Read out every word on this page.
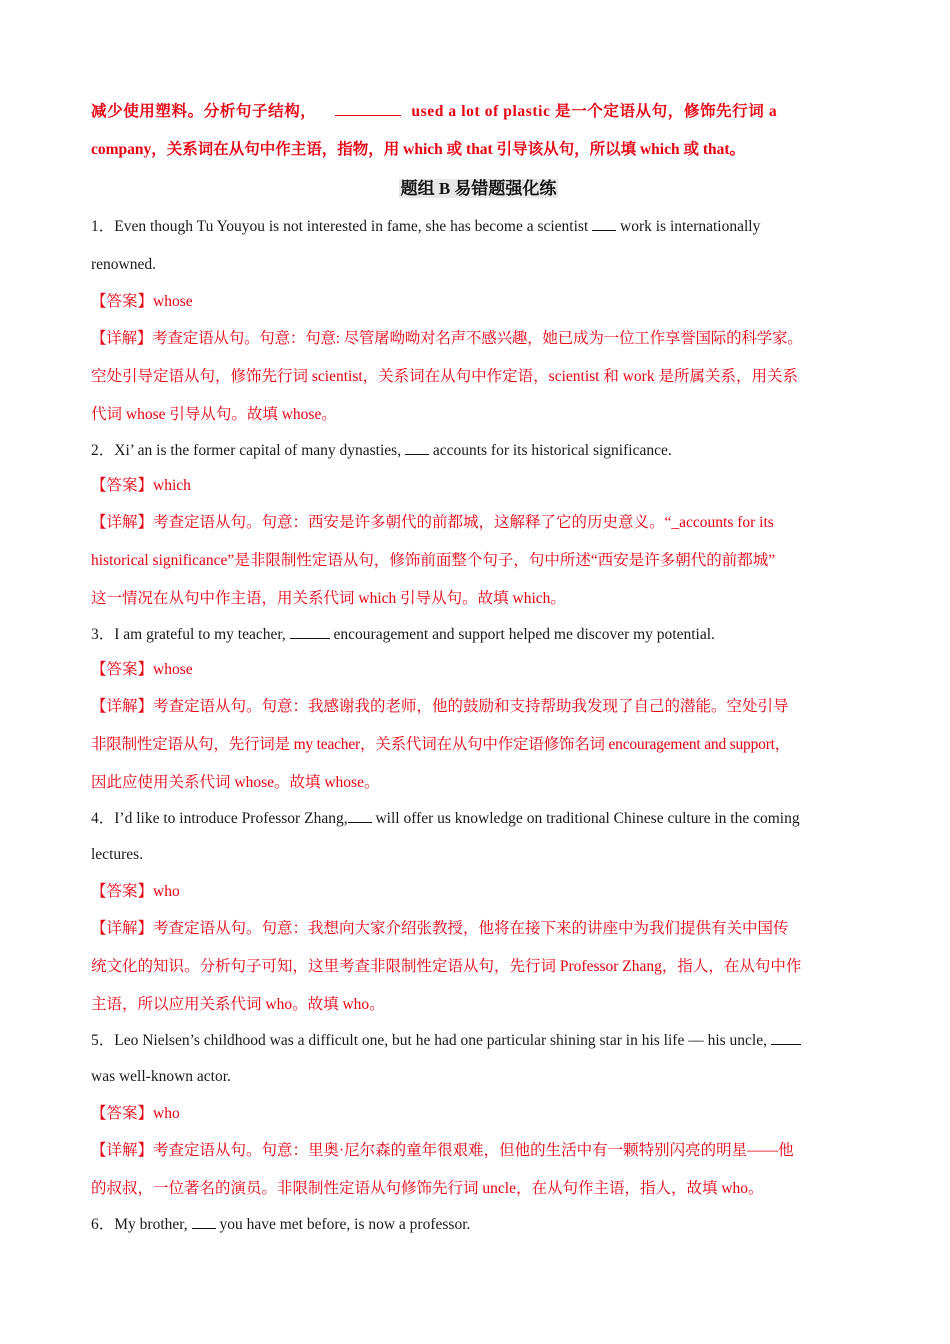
减少使用塑料。分析句子结构，	used a lot of plastic 是一个定语从句，修饰先行词 a
company，关系词在从句中作主语，指物，用 which 或 that 引导该从句，所以填 which 或 that。
题组 B 易错题强化练
1．Even though Tu Youyou is not interested in fame, she has become a scientist work is internationally
renowned.
【答案】whose
【详解】考查定语从句。句意：句意: 尽管屠呦呦对名声不感兴趣，她已成为一位工作享誉国际的科学家。
空处引导定语从句，修饰先行词 scientist，关系词在从句中作定语，scientist 和 work 是所属关系，用关系
代词 whose 引导从句。故填 whose。
2．Xi’ an is the former capital of many dynasties, accounts for its historical significance.
【答案】which
【详解】考查定语从句。句意：西安是许多朝代的前都城，这解释了它的历史意义。“_accounts for its
historical significance”是非限制性定语从句，修饰前面整个句子，句中所述“西安是许多朝代的前都城”
这一情况在从句中作主语，用关系代词 which 引导从句。故填 which。
3．I am grateful to my teacher,	encouragement and support helped me discover my potential.
【答案】whose
【详解】考查定语从句。句意：我感谢我的老师，他的鼓励和支持帮助我发现了自己的潜能。空处引导
非限制性定语从句，先行词是 my teacher，关系代词在从句中作定语修饰名词 encouragement and support，
因此应使用关系代词 whose。故填 whose。
4．I’d like to introduce Professor Zhang, will offer us knowledge on traditional Chinese culture in the coming
lectures.
【答案】who
【详解】考查定语从句。句意：我想向大家介绍张教授，他将在接下来的讲座中为我们提供有关中国传
统文化的知识。分析句子可知，这里考查非限制性定语从句，先行词 Professor Zhang，指人，在从句中作
主语，所以应用关系代词 who。故填 who。
5．Leo Nielsen’s childhood was a difficult one, but he had one particular shining star in his life — his uncle,
was well-known actor.
【答案】who
【详解】考查定语从句。句意：里奥·尼尔森的童年很艰难，但他的生活中有一颗特别闪亮的明星——他
的叔叔，一位著名的演员。非限制性定语从句修饰先行词 uncle，在从句作主语，指人，故填 who。
6．My brother, you have met before, is now a professor.
